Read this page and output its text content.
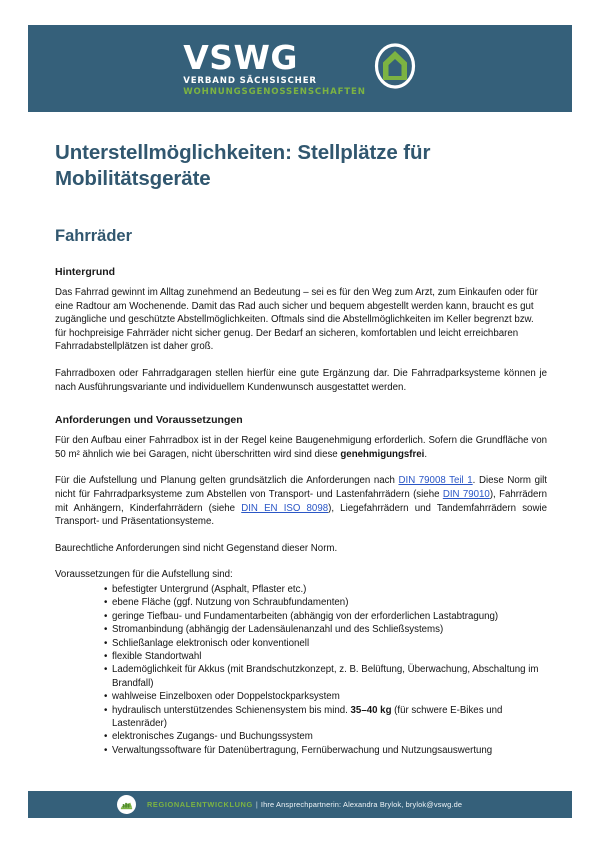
VSWG
VERBAND SÄCHSISCHER
WOHNUNGSGENOSSENSCHAFTEN
Unterstellmöglichkeiten: Stellplätze für Mobilitätsgeräte
Fahrräder
Hintergrund

Das Fahrrad gewinnt im Alltag zunehmend an Bedeutung – sei es für den Weg zum Arzt, zum Einkaufen oder für eine Radtour am Wochenende. Damit das Rad auch sicher und bequem abgestellt werden kann, braucht es gut zugängliche und geschützte Abstellmöglichkeiten. Oftmals sind die Abstellmöglichkeiten im Keller begrenzt bzw. für hochpreisige Fahrräder nicht sicher genug. Der Bedarf an sicheren, komfortablen und leicht erreichbaren Fahrradabstellplätzen ist daher groß.

Fahrradboxen oder Fahrradgaragen stellen hierfür eine gute Ergänzung dar. Die Fahrradparksysteme können je nach Ausführungsvariante und individuellem Kundenwunsch ausgestattet werden.

Anforderungen und Voraussetzungen

Für den Aufbau einer Fahrradbox ist in der Regel keine Baugenehmigung erforderlich. Sofern die Grundfläche von 50 m² ähnlich wie bei Garagen, nicht überschritten wird sind diese genehmigungsfrei.

Für die Aufstellung und Planung gelten grundsätzlich die Anforderungen nach DIN 79008 Teil 1. Diese Norm gilt nicht für Fahrradparksysteme zum Abstellen von Transport- und Lastenfahrrädern (siehe DIN 79010), Fahrrädern mit Anhängern, Kinderfahrrädern (siehe DIN EN ISO 8098), Liegefahrrädern und Tandemfahrrädern sowie Transport- und Präsentationsysteme.

Baurechtliche Anforderungen sind nicht Gegenstand dieser Norm.

Voraussetzungen für die Aufstellung sind:

• befestigter Untergrund (Asphalt, Pflaster etc.)
• ebene Fläche (ggf. Nutzung von Schraubfundamenten)
• geringe Tiefbau- und Fundamentarbeiten (abhängig von der erforderlichen Lastabtragung)
• Stromanbindung (abhängig der Ladensäulenanzahl und des Schließsystems)
• Schließanlage elektronisch oder konventionell
• flexible Standortwahl
• Lademöglichkeit für Akkus (mit Brandschutzkonzept, z. B. Belüftung, Überwachung, Abschaltung im Brandfall)
• wahlweise Einzelboxen oder Doppelstockparksystem
• hydraulisch unterstützendes Schienensystem bis mind. 35–40 kg (für schwere E-Bikes und Lastenräder)
• elektronisches Zugangs- und Buchungssystem
• Verwaltungssoftware für Datenübertragung, Fernüberwachung und Nutzungsauswertung
REGIONALENTWICKLUNG | Ihre Ansprechpartnerin: Alexandra Brylok, brylok@vswg.de
